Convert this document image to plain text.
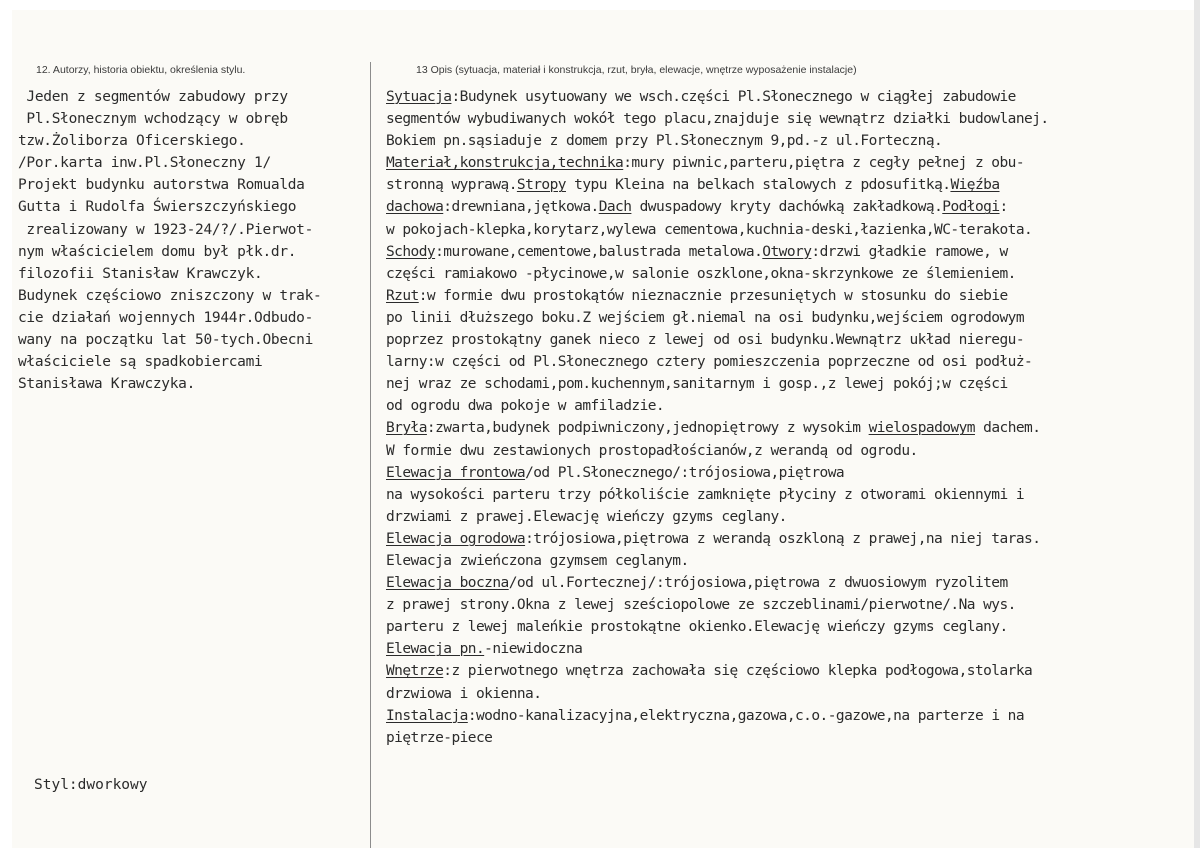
12. Autorzy, historia obiektu, określenia stylu.	13 Opis (sytuacja, materiał i konstrukcja, rzut, bryła, elewacje, wnętrze wyposażenie instalacje)
Jeden z segmentów zabudowy przy
Pl.Słonecznym wchodzący w obręb
tzw.Żoliborza Oficerskiego.
/Por.karta inw.Pl.Słoneczny 1/
Projekt budynku autorstwa Romualda
Gutta i Rudolfa Świerszczyńskiego
zrealizowany w 1923-24/?/.Pierwot-
nym właścicielem domu był płk.dr.
filozofii Stanisław Krawczyk.
Budynek częściowo zniszczony w trak-
cie działań wojennych 1944r.Odbudo-
wany na początku lat 50-tych.Obecni
właściciele są spadkobiercami
Stanisława Krawczyka.
Styl:dworkowy
Sytuacja:Budynek usytuowany we wsch.części Pl.Słonecznego w ciągłej zabudowie
segmentów wybudiwanych wokół tego placu,znajduje się wewnątrz działki budowlanej.
Bokiem pn.sąsiaduje z domem przy Pl.Słonecznym 9,pd.-z ul.Forteczną.
Materiał,konstrukcja,technika:mury piwnic,parteru,piętra z cegły pełnej z obu-
stronną wyprawą.Stropy typu Kleina na belkach stalowych z pdosufitką.Więźba
dachowa:drewniana,jętkowa.Dach dwuspadowy kryty dachówką zakładkową.Podłogi:
w pokojach-klepka,korytarz,wylewa cementowa,kuchnia-deski,łazienka,WC-terakota.
Schody:murowane,cementowe,balustrada metalowa.Otwory:drzwi gładkie ramowe, w
części ramiakowo -płycinowe,w salonie oszklone,okna-skrzynkowe ze ślemieniem.
Rzut:w formie dwu prostokątów nieznacznie przesuniętych w stosunku do siebie
po linii dłuższego boku.Z wejściem gł.niemal na osi budynku,wejściem ogrodowym
poprzez prostokątny ganek nieco z lewej od osi budynku.Wewnątrz układ nieregu-
larny:w części od Pl.Słonecznego cztery pomieszczenia poprzeczne od osi podłuż-
nej wraz ze schodami,pom.kuchennym,sanitarnym i gosp.,z lewej pokój;w części
od ogrodu dwa pokoje w amfiladzie.
Bryła:zwarta,budynek podpiwniczony,jednopiętrowy z wysokim wielospadowym dachem.
W formie dwu zestawionych prostopadłościanów,z werandą od ogrodu.
Elewacja frontowa/od Pl.Słonecznego/:trójosiowa,piętrowa
na wysokości parteru trzy półkoliście zamknięte płyciny z otworami okiennymi i
drzwiami z prawej.Elewację wieńczy gzyms ceglany.
Elewacja ogrodowa:trójosiowa,piętrowa z werandą oszkloną z prawej,na niej taras.
Elewacja zwieńczona gzymsem ceglanym.
Elewacja boczna/od ul.Fortecznej/:trójosiowa,piętrowa z dwuosiowym ryzolitem
z prawej strony.Okna z lewej sześciopolowe ze szczeblinami/pierwotne/.Na wys.
parteru z lewej maleńkie prostokątne okienko.Elewację wieńczy gzyms ceglany.
Elewacja pn.-niewidoczna
Wnętrze:z pierwotnego wnętrza zachowała się częściowo klepka podłogowa,stolarka
drzwiowa i okienna.
Instalacja:wodno-kanalizacyjna,elektryczna,gazowa,c.o.-gazowe,na parterze i na
piętrze-piece
